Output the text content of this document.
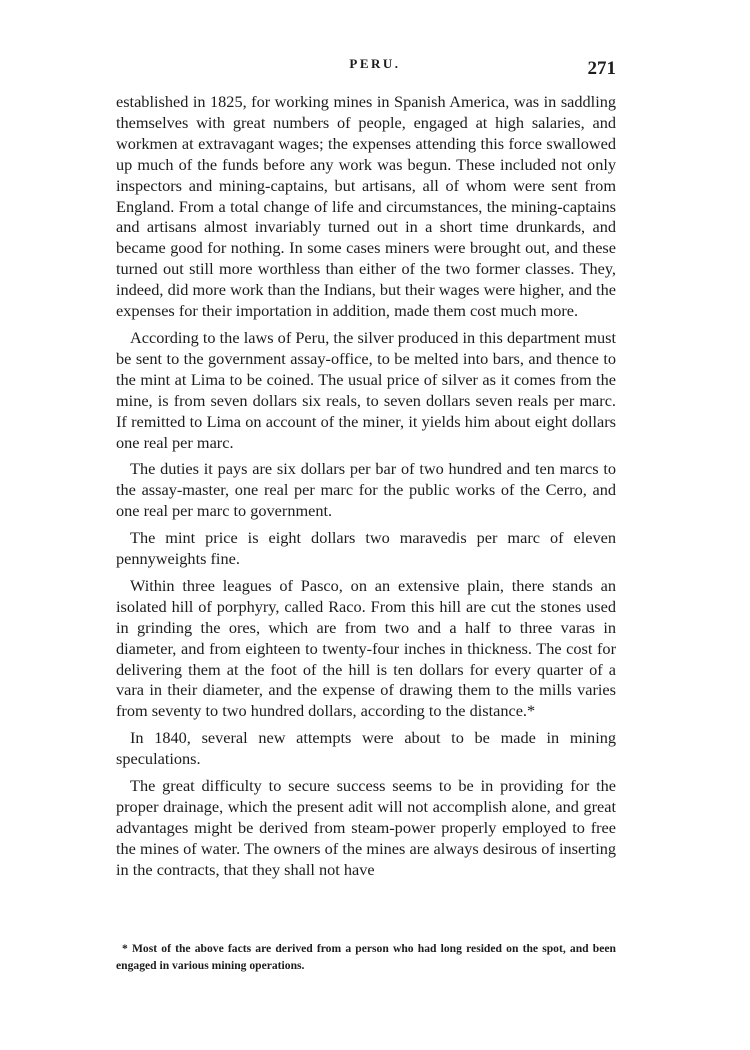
PERU.	271

established in 1825, for working mines in Spanish America, was in saddling themselves with great numbers of people, engaged at high salaries, and workmen at extravagant wages; the expenses attending this force swallowed up much of the funds before any work was begun. These included not only inspectors and mining-captains, but artisans, all of whom were sent from England. From a total change of life and circumstances, the mining-captains and artisans almost invariably turned out in a short time drunkards, and became good for nothing. In some cases miners were brought out, and these turned out still more worthless than either of the two former classes. They, indeed, did more work than the Indians, but their wages were higher, and the expenses for their importation in addition, made them cost much more.

According to the laws of Peru, the silver produced in this department must be sent to the government assay-office, to be melted into bars, and thence to the mint at Lima to be coined. The usual price of silver as it comes from the mine, is from seven dollars six reals, to seven dollars seven reals per marc. If remitted to Lima on account of the miner, it yields him about eight dollars one real per marc.

The duties it pays are six dollars per bar of two hundred and ten marcs to the assay-master, one real per marc for the public works of the Cerro, and one real per marc to government.

The mint price is eight dollars two maravedis per marc of eleven pennyweights fine.

Within three leagues of Pasco, on an extensive plain, there stands an isolated hill of porphyry, called Raco. From this hill are cut the stones used in grinding the ores, which are from two and a half to three varas in diameter, and from eighteen to twenty-four inches in thickness. The cost for delivering them at the foot of the hill is ten dollars for every quarter of a vara in their diameter, and the expense of drawing them to the mills varies from seventy to two hundred dollars, according to the distance.*

In 1840, several new attempts were about to be made in mining speculations.

The great difficulty to secure success seems to be in providing for the proper drainage, which the present adit will not accomplish alone, and great advantages might be derived from steam-power properly employed to free the mines of water. The owners of the mines are always desirous of inserting in the contracts, that they shall not have

* Most of the above facts are derived from a person who had long resided on the spot, and been engaged in various mining operations.
